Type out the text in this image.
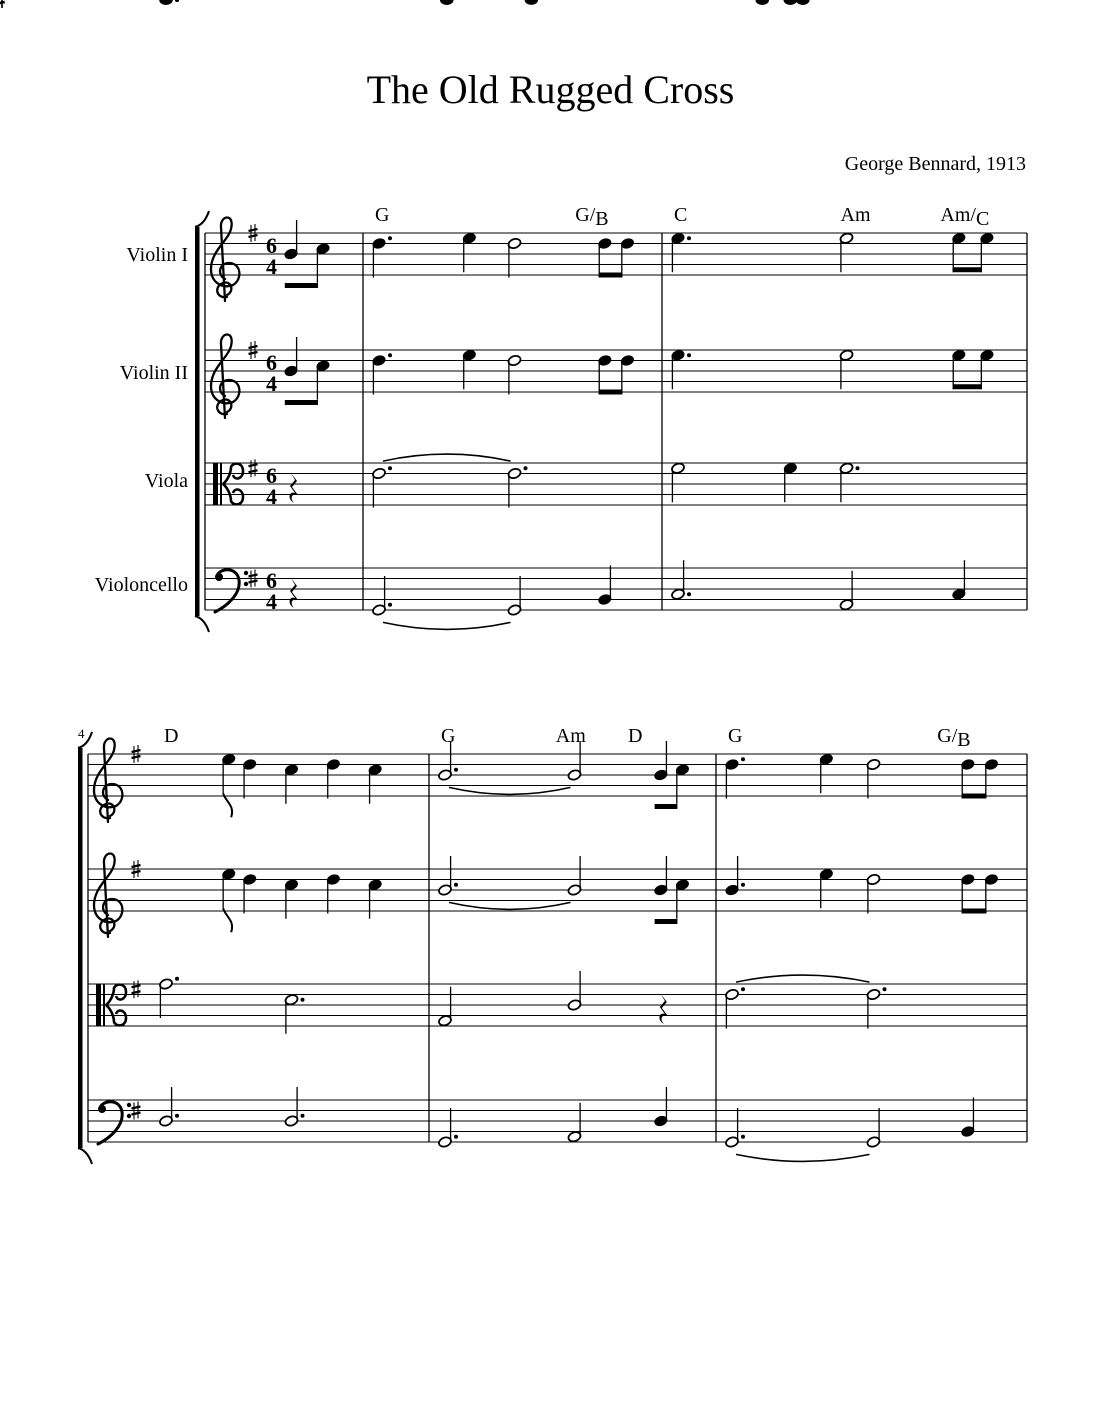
The Old Rugged Cross
George Bennard, 1913
6
4
6
4
6
4
6
4
Violin I
Violin II
Viola
Violoncello
G	G/B	C	Am	Am/C
4	D	G	Am D	G	G/B
